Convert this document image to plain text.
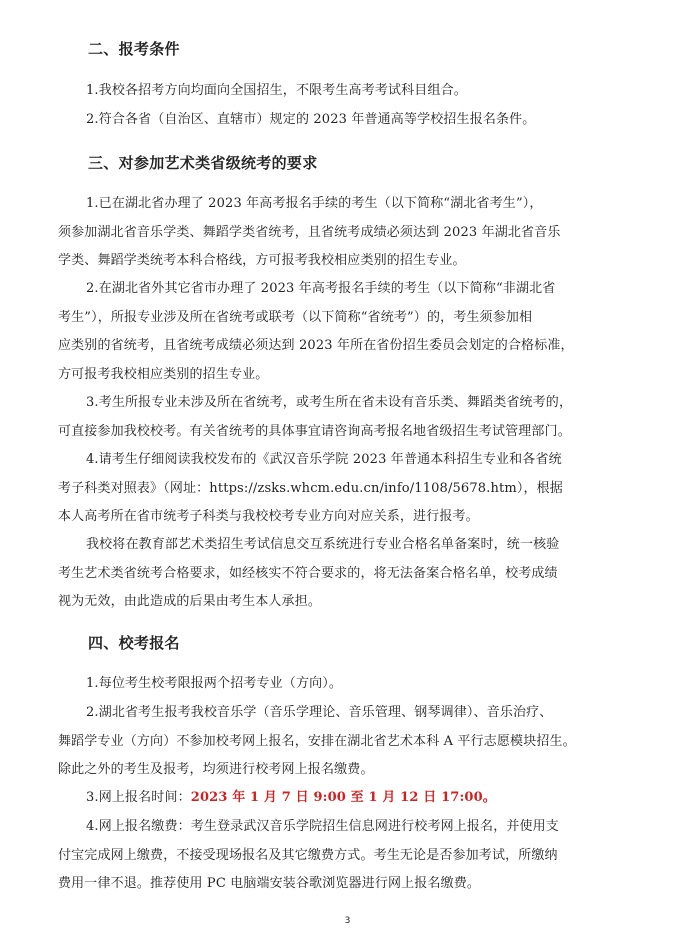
二、报考条件
1.我校各招考方向均面向全国招生，不限考生高考考试科目组合。
2.符合各省（自治区、直辖市）规定的 2023 年普通高等学校招生报名条件。
三、对参加艺术类省级统考的要求
1.已在湖北省办理了 2023 年高考报名手续的考生（以下简称“湖北省考生”），
须参加湖北省音乐学类、舞蹈学类省统考，且省统考成绩必须达到 2023 年湖北省音乐
学类、舞蹈学类统考本科合格线，方可报考我校相应类别的招生专业。
2.在湖北省外其它省市办理了 2023 年高考报名手续的考生（以下简称“非湖北省
考生”），所报专业涉及所在省统考或联考（以下简称“省统考”）的，考生须参加相
应类别的省统考，且省统考成绩必须达到 2023 年所在省份招生委员会划定的合格标准，
方可报考我校相应类别的招生专业。
3.考生所报专业未涉及所在省统考，或考生所在省未设有音乐类、舞蹈类省统考的，
可直接参加我校校考。有关省统考的具体事宜请咨询高考报名地省级招生考试管理部门。
4.请考生仔细阅读我校发布的《武汉音乐学院 2023 年普通本科招生专业和各省统
考子科类对照表》（网址：https://zsks.whcm.edu.cn/info/1108/5678.htm），根据
本人高考所在省市统考子科类与我校校考专业方向对应关系，进行报考。
我校将在教育部艺术类招生考试信息交互系统进行专业合格名单备案时，统一核验
考生艺术类省统考合格要求，如经核实不符合要求的，将无法备案合格名单，校考成绩
视为无效，由此造成的后果由考生本人承担。
四、校考报名
1.每位考生校考限报两个招考专业（方向）。
2.湖北省考生报考我校音乐学（音乐学理论、音乐管理、钢琴调律）、音乐治疗、
舞蹈学专业（方向）不参加校考网上报名，安排在湖北省艺术本科 A 平行志愿模块招生。
除此之外的考生及报考，均须进行校考网上报名缴费。
3.网上报名时间：2023 年 1 月 7 日 9:00 至 1 月 12 日 17:00。
4.网上报名缴费：考生登录武汉音乐学院招生信息网进行校考网上报名，并使用支
付宝完成网上缴费，不接受现场报名及其它缴费方式。考生无论是否参加考试，所缴纳
费用一律不退。推荐使用 PC 电脑端安装谷歌浏览器进行网上报名缴费。
3
